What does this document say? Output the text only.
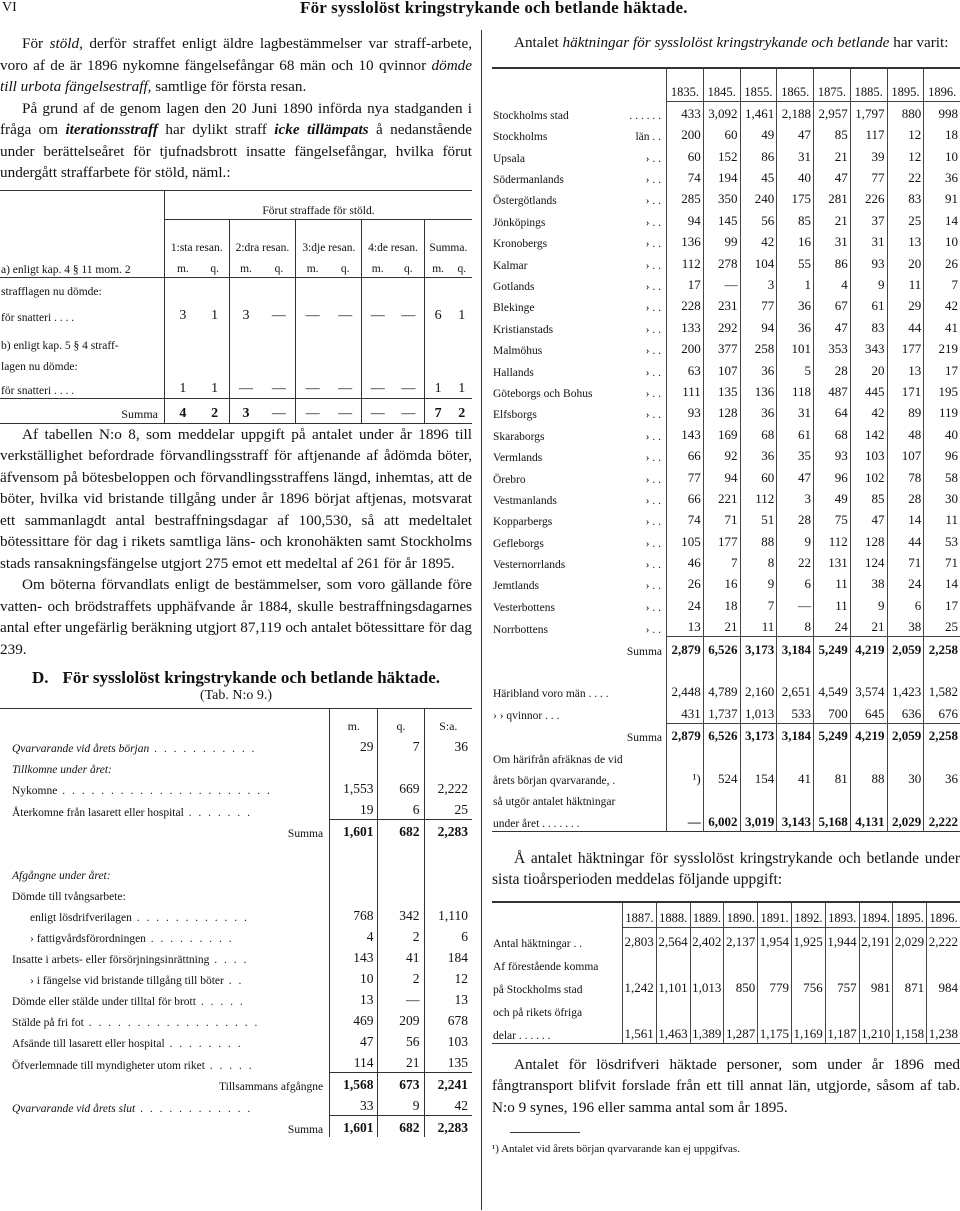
VI	För sysslolöst kringstrykande och betlande häktade.

För stöld, derför straffet enligt äldre lagbestämmelser var straff-arbete, voro af de är 1896 nykomne fängelsefångar 68 män och 10 qvinnor dömde till urbota fängelsestraff, samtlige för första resan.

På grund af de genom lagen den 20 Juni 1890 införda nya stadganden i fråga om iterationsstraff har dylikt straff icke tillämpats å nedanstående under berättelseåret för tjufnadsbrott insatte fängelsefångar, hvilka förut undergått straffarbete för stöld, näml.:

	Förut straffade för stöld.									
	1:sta resan.		2:dra resan.		3:dje resan.		4:de resan.		Summa.	
a) enligt kap. 4 § 11 mom. 2	m.	q.	m.	q.	m.	q.	m.	q.	m.	q.
strafflagen nu dömde:										
för snatteri . . . .	3	1	3	—	—	—	—	—	6	1
b) enligt kap. 5 § 4 straff-										
lagen nu dömde:										
för snatteri . . . .	1	1	—	—	—	—	—	—	1	1
Summa	4	2	3	—	—	—	—	—	7	2

Af tabellen N:o 8, som meddelar uppgift på antalet under år 1896 till verkställighet befordrade förvandlingsstraff för aftjenande af ådömda böter, äfvensom på bötesbeloppen och förvandlingsstraffens längd, inhemtas, att de böter, hvilka vid bristande tillgång under år 1896 börjat aftjenas, motsvarat ett sammanlagdt antal bestraffningsdagar af 100,530, så att medeltalet bötessittare för dag i rikets samtliga läns- och kronohäkten samt Stockholms stads ransakningsfängelse utgjort 275 emot ett medeltal af 261 för år 1895.

Om böterna förvandlats enligt de bestämmelser, som voro gällande före vatten- och brödstraffets upphäfvande år 1884, skulle bestraffningsdagarnes antal efter ungefärlig beräkning utgjort 87,119 och antalet bötessittare för dag 239.

D. För sysslolöst kringstrykande och betlande häktade.
(Tab. N:o 9.)
	m.	q.	S:a.
Qvarvarande vid årets början . . . . . . . . . . .	29	7	36
Tillkomne under året:			
Nykomne . . . . . . . . . . . . . . . . . . . . . .	1,553	669	2,222
Återkomne från lasarett eller hospital . . . . . . .	19	6	25
Summa	1,601	682	2,283

Afgångne under året:			
Dömde till tvångsarbete:			
enligt lösdrifverilagen . . . . . . . . . . . .	768	342	1,110
› fattigvårdsförordningen . . . . . . . . .	4	2	6
Insatte i arbets- eller försörjningsinrättning . . . .	143	41	184
› i fängelse vid bristande tillgång till böter . .	10	2	12
Dömde eller stälde under tilltal för brott . . . . .	13	—	13
Stälde på fri fot . . . . . . . . . . . . . . . . . .	469	209	678
Afsände till lasarett eller hospital . . . . . . . .	47	56	103
Öfverlemnade till myndigheter utom riket . . . . .	114	21	135
Tillsammans afgångne	1,568	673	2,241
Qvarvarande vid årets slut . . . . . . . . . . . .	33	9	42
Summa	1,601	682	2,283

Antalet häktningar för sysslolöst kringstrykande och betlande har varit:

	1835.	1845.	1855.	1865.	1875.	1885.	1895.	1896.
Stockholms stad . . . . . .	433	3,092	1,461	2,188	2,957	1,797	880	998
Stockholms län . .	200	60	49	47	85	117	12	18
Upsala › . .	60	152	86	31	21	39	12	10
Södermanlands › . .	74	194	45	40	47	77	22	36
Östergötlands › . .	285	350	240	175	281	226	83	91
Jönköpings › . .	94	145	56	85	21	37	25	14
Kronobergs › . .	136	99	42	16	31	31	13	10
Kalmar › . .	112	278	104	55	86	93	20	26
Gotlands › . .	17	—	3	1	4	9	11	7
Blekinge › . .	228	231	77	36	67	61	29	42
Kristianstads › . .	133	292	94	36	47	83	44	41
Malmöhus › . .	200	377	258	101	353	343	177	219
Hallands › . .	63	107	36	5	28	20	13	17
Göteborgs och Bohus › . .	111	135	136	118	487	445	171	195
Elfsborgs › . .	93	128	36	31	64	42	89	119
Skaraborgs › . .	143	169	68	61	68	142	48	40
Vermlands › . .	66	92	36	35	93	103	107	96
Örebro › . .	77	94	60	47	96	102	78	58
Vestmanlands › . .	66	221	112	3	49	85	28	30
Kopparbergs › . .	74	71	51	28	75	47	14	11
Gefleborgs › . .	105	177	88	9	112	128	44	53
Vesternorrlands › . .	46	7	8	22	131	124	71	71
Jemtlands › . .	26	16	9	6	11	38	24	14
Vesterbottens › . .	24	18	7	—	11	9	6	17
Norrbottens › . .	13	21	11	8	24	21	38	25
Summa	2,879	6,526	3,173	3,184	5,249	4,219	2,059	2,258

Häribland voro män . . . .	2,448	4,789	2,160	2,651	4,549	3,574	1,423	1,582
› › qvinnor . . .	431	1,737	1,013	533	700	645	636	676
Summa	2,879	6,526	3,173	3,184	5,249	4,219	2,059	2,258
Om härifrån afräknas de vid								
årets början qvarvarande, .	¹)	524	154	41	81	88	30	36
så utgör antalet häktningar								
under året . . . . . . .	—	6,002	3,019	3,143	5,168	4,131	2,029	2,222

Å antalet häktningar för sysslolöst kringstrykande och betlande under sista tioårsperioden meddelas följande uppgift:

	1887.	1888.	1889.	1890.	1891.	1892.	1893.	1894.	1895.	1896.
Antal häktningar . .	2,803	2,564	2,402	2,137	1,954	1,925	1,944	2,191	2,029	2,222
Af förestående komma										
på Stockholms stad	1,242	1,101	1,013	850	779	756	757	981	871	984
och på rikets öfriga										
delar . . . . . .	1,561	1,463	1,389	1,287	1,175	1,169	1,187	1,210	1,158	1,238

Antalet för lösdrifveri häktade personer, som under år 1896 med fångtransport blifvit forslade från ett till annat län, utgjorde, såsom af tab. N:o 9 synes, 196 eller samma antal som år 1895.

¹) Antalet vid årets början qvarvarande kan ej uppgifvas.
